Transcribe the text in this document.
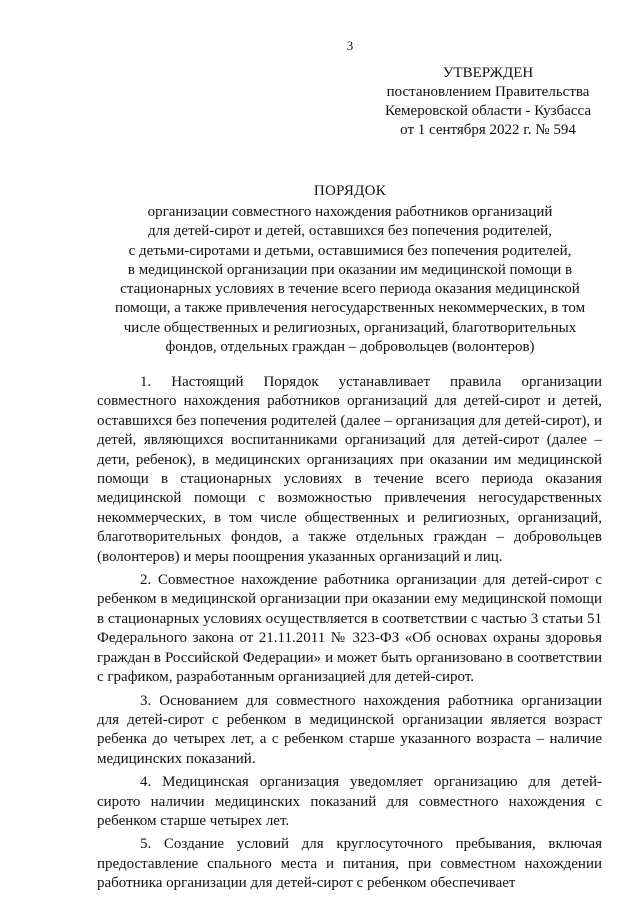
3
УТВЕРЖДЕН
постановлением Правительства
Кемеровской области - Кузбасса
от 1 сентября 2022 г. № 594
ПОРЯДОК
организации совместного нахождения работников организаций
для детей-сирот и детей, оставшихся без попечения родителей,
с детьми-сиротами и детьми, оставшимися без попечения родителей,
в медицинской организации при оказании им медицинской помощи в
стационарных условиях в течение всего периода оказания медицинской
помощи, а также привлечения негосударственных некоммерческих, в том
числе общественных и религиозных, организаций, благотворительных
фондов, отдельных граждан – добровольцев (волонтеров)

1. Настоящий Порядок устанавливает правила организации совместного нахождения работников организаций для детей-сирот и детей, оставшихся без попечения родителей (далее – организация для детей-сирот), и детей, являющихся воспитанниками организаций для детей-сирот (далее – дети, ребенок), в медицинских организациях при оказании им медицинской помощи в стационарных условиях в течение всего периода оказания медицинской помощи с возможностью привлечения негосударственных некоммерческих, в том числе общественных и религиозных, организаций, благотворительных фондов, а также отдельных граждан – добровольцев (волонтеров) и меры поощрения указанных организаций и лиц.

2. Совместное нахождение работника организации для детей-сирот с ребенком в медицинской организации при оказании ему медицинской помощи в стационарных условиях осуществляется в соответствии с частью 3 статьи 51 Федерального закона от 21.11.2011 № 323-ФЗ «Об основах охраны здоровья граждан в Российской Федерации» и может быть организовано в соответствии с графиком, разработанным организацией для детей-сирот.

3. Основанием для совместного нахождения работника организации для детей-сирот с ребенком в медицинской организации является возраст ребенка до четырех лет, а с ребенком старше указанного возраста – наличие медицинских показаний.

4. Медицинская организация уведомляет организацию для детей-сирото наличии медицинских показаний для совместного нахождения с ребенком старше четырех лет.

5. Создание условий для круглосуточного пребывания, включая предоставление спального места и питания, при совместном нахождении работника организации для детей-сирот с ребенком обеспечивает
